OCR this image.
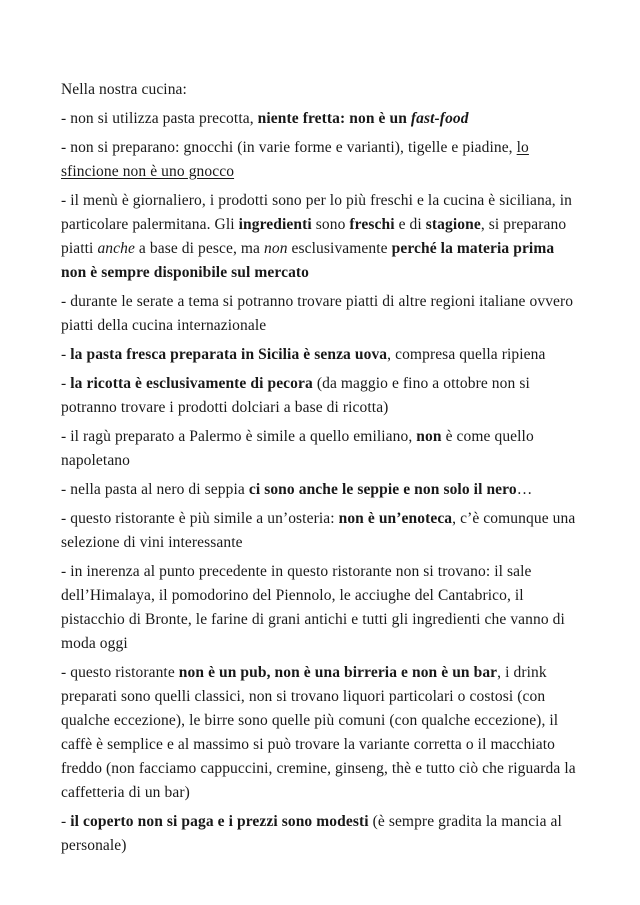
Nella nostra cucina:

- non si utilizza pasta precotta, niente fretta: non è un fast-food

- non si preparano: gnocchi (in varie forme e varianti), tigelle e piadine, lo sfincione non è uno gnocco

- il menù è giornaliero, i prodotti sono per lo più freschi e la cucina è siciliana, in particolare palermitana. Gli ingredienti sono freschi e di stagione, si preparano piatti anche a base di pesce, ma non esclusivamente perché la materia prima non è sempre disponibile sul mercato

- durante le serate a tema si potranno trovare piatti di altre regioni italiane ovvero piatti della cucina internazionale

- la pasta fresca preparata in Sicilia è senza uova, compresa quella ripiena

- la ricotta è esclusivamente di pecora (da maggio e fino a ottobre non si potranno trovare i prodotti dolciari a base di ricotta)

- il ragù preparato a Palermo è simile a quello emiliano, non è come quello napoletano

- nella pasta al nero di seppia ci sono anche le seppie e non solo il nero…

- questo ristorante è più simile a un’osteria: non è un’enoteca, c’è comunque una selezione di vini interessante

- in inerenza al punto precedente in questo ristorante non si trovano: il sale dell’Himalaya, il pomodorino del Piennolo, le acciughe del Cantabrico, il pistacchio di Bronte, le farine di grani antichi e tutti gli ingredienti che vanno di moda oggi

- questo ristorante non è un pub, non è una birreria e non è un bar, i drink preparati sono quelli classici, non si trovano liquori particolari o costosi (con qualche eccezione), le birre sono quelle più comuni (con qualche eccezione), il caffè è semplice e al massimo si può trovare la variante corretta o il macchiato freddo (non facciamo cappuccini, cremine, ginseng, thè e tutto ciò che riguarda la caffetteria di un bar)

- il coperto non si paga e i prezzi sono modesti (è sempre gradita la mancia al personale)
